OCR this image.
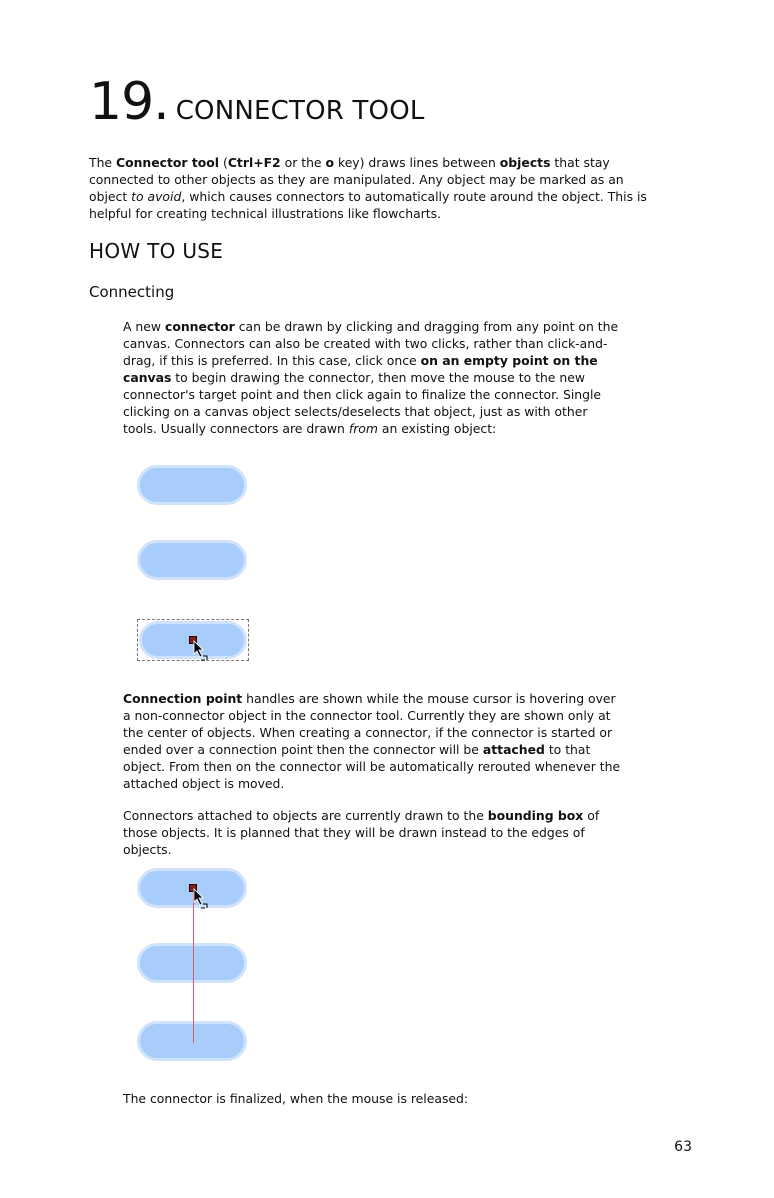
19. CONNECTOR TOOL
The Connector tool (Ctrl+F2 or the o key) draws lines between objects that stay connected to other objects as they are manipulated. Any object may be marked as an object to avoid, which causes connectors to automatically route around the object. This is helpful for creating technical illustrations like flowcharts.
HOW TO USE
Connecting
A new connector can be drawn by clicking and dragging from any point on the canvas. Connectors can also be created with two clicks, rather than click-and-drag, if this is preferred. In this case, click once on an empty point on the canvas to begin drawing the connector, then move the mouse to the new connector's target point and then click again to finalize the connector. Single clicking on a canvas object selects/deselects that object, just as with other tools. Usually connectors are drawn from an existing object:
Connection point handles are shown while the mouse cursor is hovering over a non-connector object in the connector tool. Currently they are shown only at the center of objects. When creating a connector, if the connector is started or ended over a connection point then the connector will be attached to that object. From then on the connector will be automatically rerouted whenever the attached object is moved.
Connectors attached to objects are currently drawn to the bounding box of those objects. It is planned that they will be drawn instead to the edges of objects.
The connector is finalized, when the mouse is released:
63
